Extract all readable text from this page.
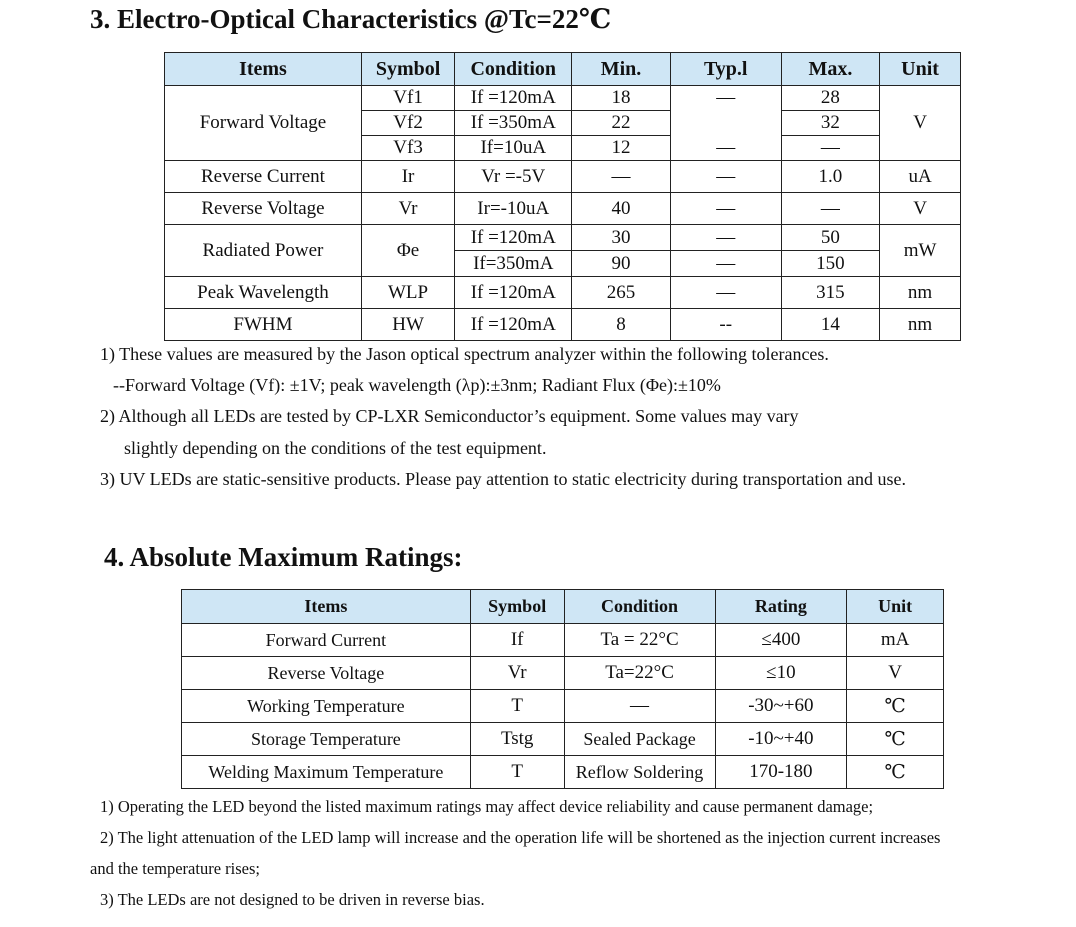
3. Electro-Optical Characteristics @Tc=22℃
Items	Symbol	Condition	Min.	Typ.l	Max.	Unit
Forward Voltage	Vf1	If =120mA	18	—	28	V
	Vf2	If =350mA	22		32	
	Vf3	If=10uA	12	—	—	
Reverse Current	Ir	Vr =-5V	—	—	1.0	uA
Reverse Voltage	Vr	Ir=-10uA	40	—	—	V
Radiated Power	Φe	If =120mA	30	—	50	mW
		If=350mA	90	—	150	
Peak Wavelength	WLP	If =120mA	265	—	315	nm
FWHM	HW	If =120mA	8	--	14	nm
1) These values are measured by the Jason optical spectrum analyzer within the following tolerances.
--Forward Voltage (Vf): ±1V; peak wavelength (λp):±3nm; Radiant Flux (Φe):±10%
2) Although all LEDs are tested by CP-LXR Semiconductor’s equipment. Some values may vary
slightly depending on the conditions of the test equipment.
3) UV LEDs are static-sensitive products. Please pay attention to static electricity during transportation and use.
4. Absolute Maximum Ratings:
Items	Symbol	Condition	Rating	Unit
Forward Current	If	Ta = 22°C	≤400	mA
Reverse Voltage	Vr	Ta=22°C	≤10	V
Working Temperature	T	—	-30~+60	℃
Storage Temperature	Tstg	Sealed Package	-10~+40	℃
Welding Maximum Temperature	T	Reflow Soldering	170-180	℃
1) Operating the LED beyond the listed maximum ratings may affect device reliability and cause permanent damage;
2) The light attenuation of the LED lamp will increase and the operation life will be shortened as the injection current increases
and the temperature rises;
3) The LEDs are not designed to be driven in reverse bias.
